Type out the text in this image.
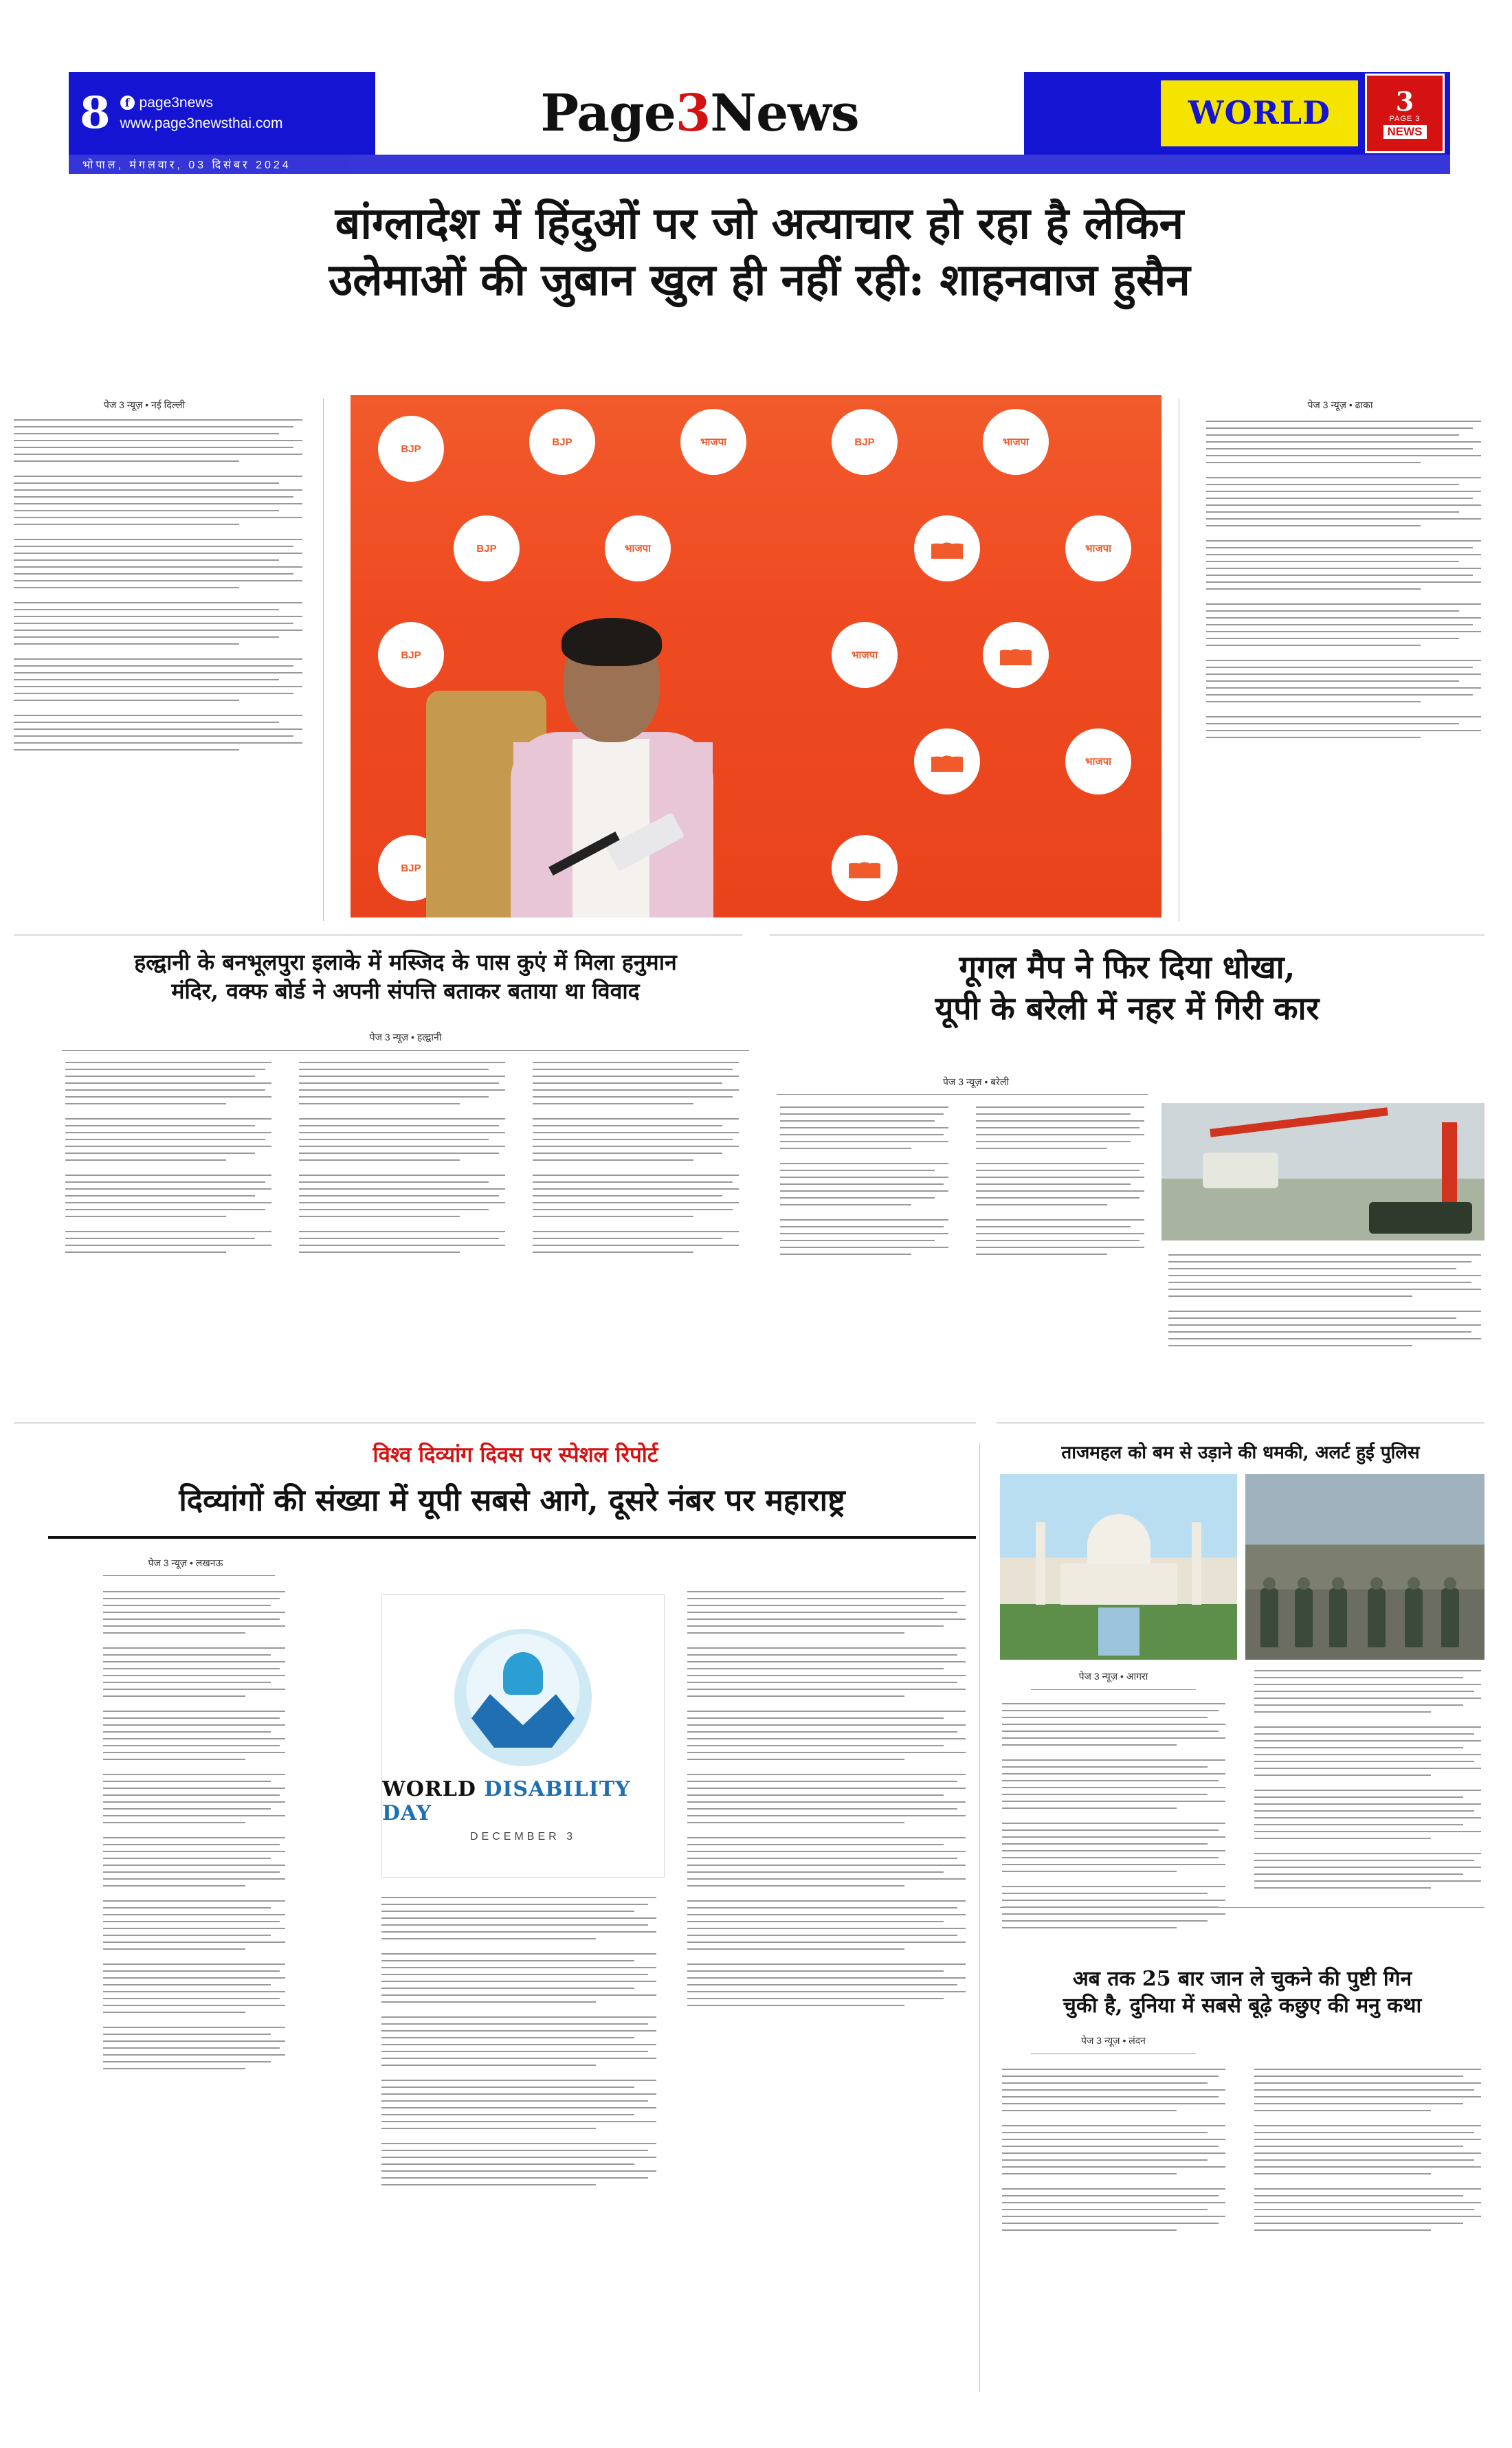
8	f page3news
www.page3newsthai.com	Page3News	WORLD	3
PAGE 3
NEWS
भोपाल, मंगलवार, 03 दिसंबर 2024
बांग्लादेश में हिंदुओं पर जो अत्याचार हो रहा है लेकिन
उलेमाओं की जुबान खुल ही नहीं रही: शाहनवाज हुसैन
BJP
BJP	भाजपा	BJP	भाजपा
BJP	भाजपा	भाजपा
BJP	भाजपा
भाजपा
BJP
पेज 3 न्यूज़ • नई दिल्ली	पेज 3 न्यूज़ • ढाका
हल्द्वानी के बनभूलपुरा इलाके में मस्जिद के पास कुएं में मिला हनुमान
मंदिर, वक्फ बोर्ड ने अपनी संपत्ति बताकर बताया था विवाद
पेज 3 न्यूज़ • हल्द्वानी
गूगल मैप ने फिर दिया धोखा,
यूपी के बरेली में नहर में गिरी कार
पेज 3 न्यूज़ • बरेली
विश्व दिव्यांग दिवस पर स्पेशल रिपोर्ट
दिव्यांगों की संख्या में यूपी सबसे आगे, दूसरे नंबर पर महाराष्ट्र
पेज 3 न्यूज़ • लखनऊ
WORLD DISABILITY DAY
DECEMBER 3
ताजमहल को बम से उड़ाने की धमकी, अलर्ट हुई पुलिस
पेज 3 न्यूज़ • आगरा
अब तक 25 बार जान ले चुकने की पुष्टी गिन
चुकी है, दुनिया में सबसे बूढ़े कछुए की मनु कथा
पेज 3 न्यूज़ • लंदन
